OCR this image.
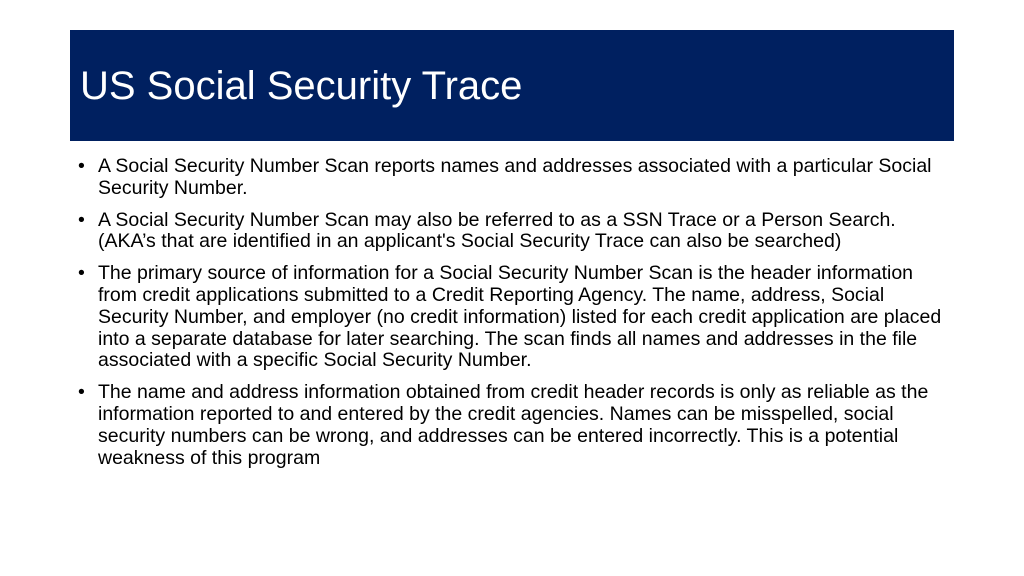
US Social Security Trace
• A Social Security Number Scan reports names and addresses associated with a particular Social Security Number.
• A Social Security Number Scan may also be referred to as a SSN Trace or a Person Search. (AKA’s that are identified in an applicant's Social Security Trace can also be searched)
• The primary source of information for a Social Security Number Scan is the header information from credit applications submitted to a Credit Reporting Agency. The name, address, Social Security Number, and employer (no credit information) listed for each credit application are placed into a separate database for later searching. The scan finds all names and addresses in the file associated with a specific Social Security Number.
• The name and address information obtained from credit header records is only as reliable as the information reported to and entered by the credit agencies. Names can be misspelled, social security numbers can be wrong, and addresses can be entered incorrectly. This is a potential weakness of this program
